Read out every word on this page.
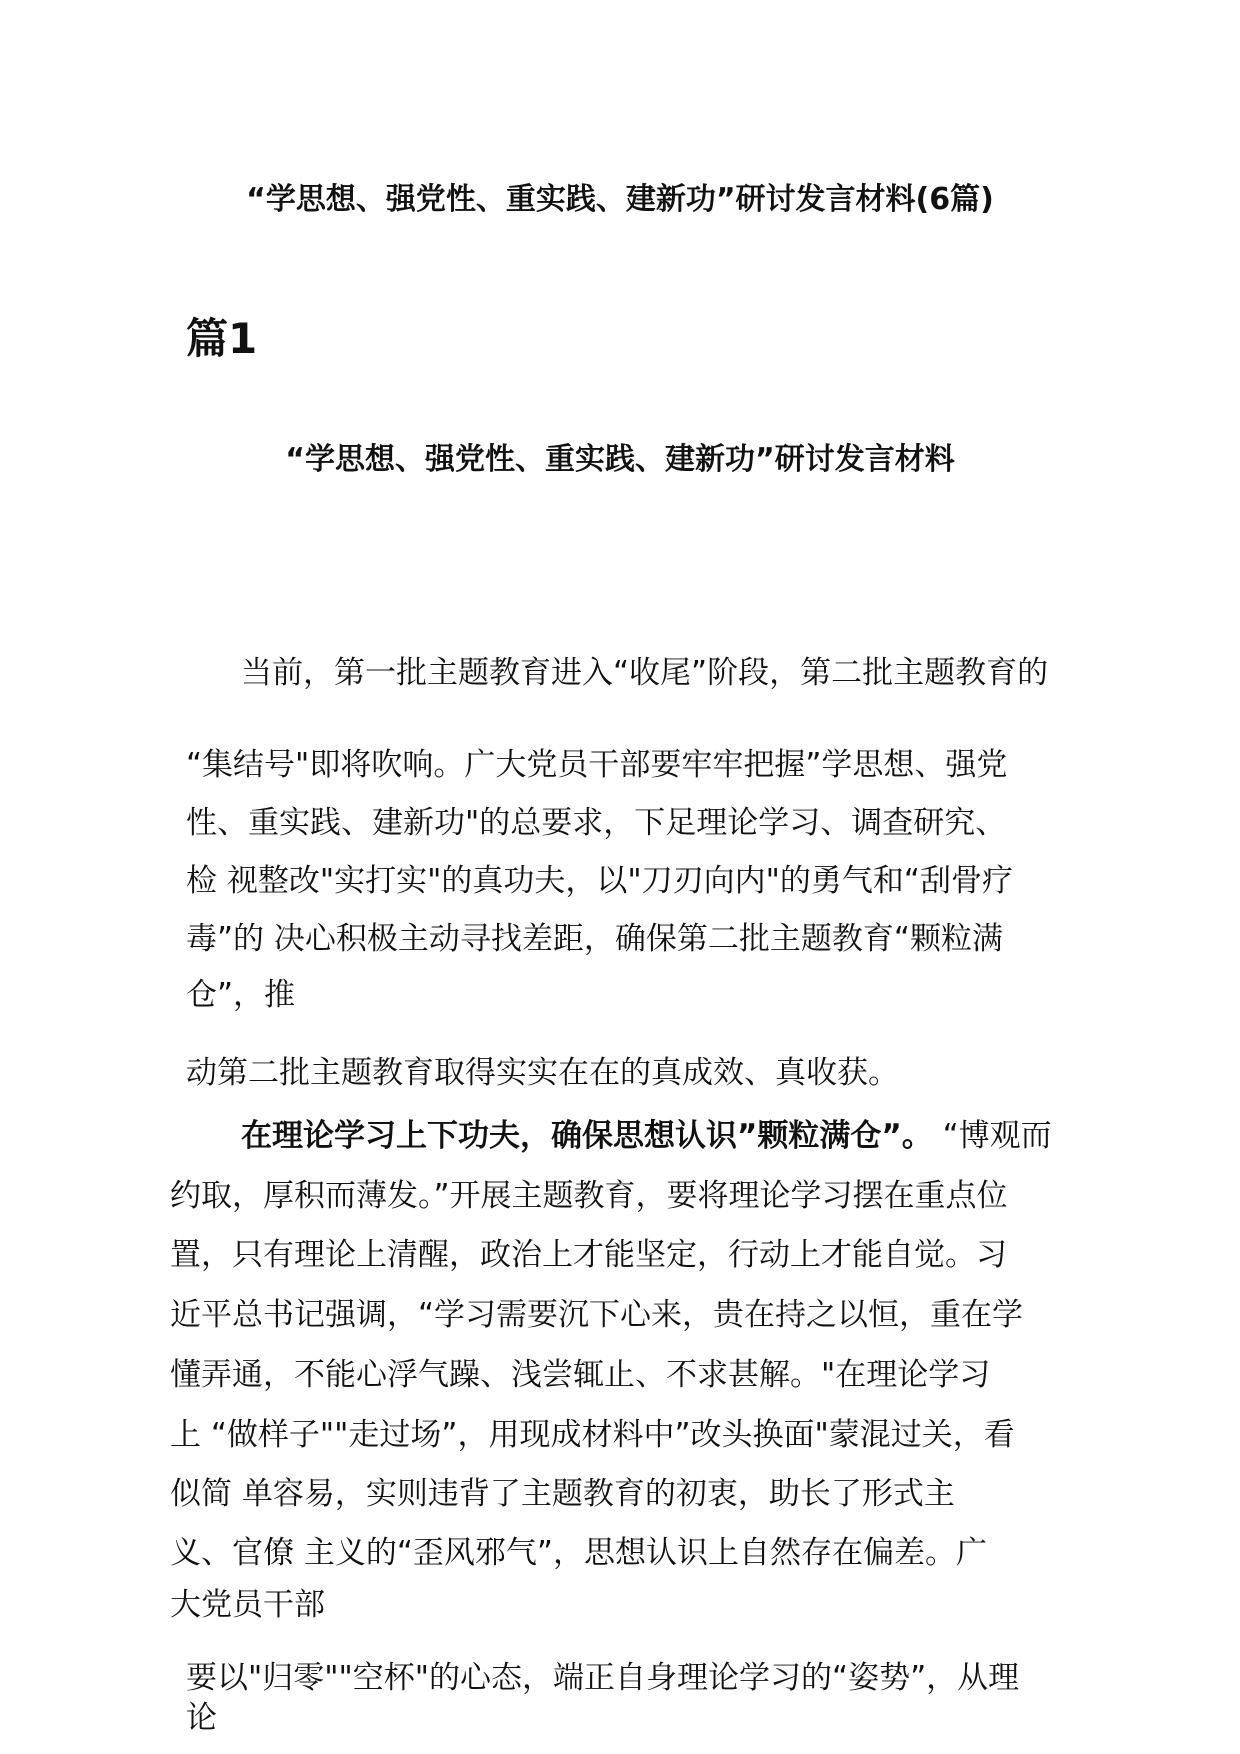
“学思想、强党性、重实践、建新功”研讨发言材料(6篇)
篇1
“学思想、强党性、重实践、建新功”研讨发言材料
当前，第一批主题教育进入“收尾”阶段，第二批主题教育的
“集结号"即将吹响。广大党员干部要牢牢把握”学思想、强党
性、重实践、建新功"的总要求，下足理论学习、调查研究、
检 视整改"实打实"的真功夫，以"刀刃向内"的勇气和“刮骨疗
毒”的 决心积极主动寻找差距，确保第二批主题教育“颗粒满
仓”，推
动第二批主题教育取得实实在在的真成效、真收获。
在理论学习上下功夫，确保思想认识”颗粒满仓”。 “博观而
约取，厚积而薄发。”开展主题教育，要将理论学习摆在重点位
置，只有理论上清醒，政治上才能坚定，行动上才能自觉。习
近平总书记强调，“学习需要沉下心来，贵在持之以恒，重在学
懂弄通，不能心浮气躁、浅尝辄止、不求甚解。"在理论学习
上 “做样子""走过场”，用现成材料中”改头换面"蒙混过关，看
似简 单容易，实则违背了主题教育的初衷，助长了形式主
义、官僚 主义的“歪风邪气”，思想认识上自然存在偏差。广
大党员干部
要以"归零""空杯"的心态，端正自身理论学习的“姿势”，从理
论
